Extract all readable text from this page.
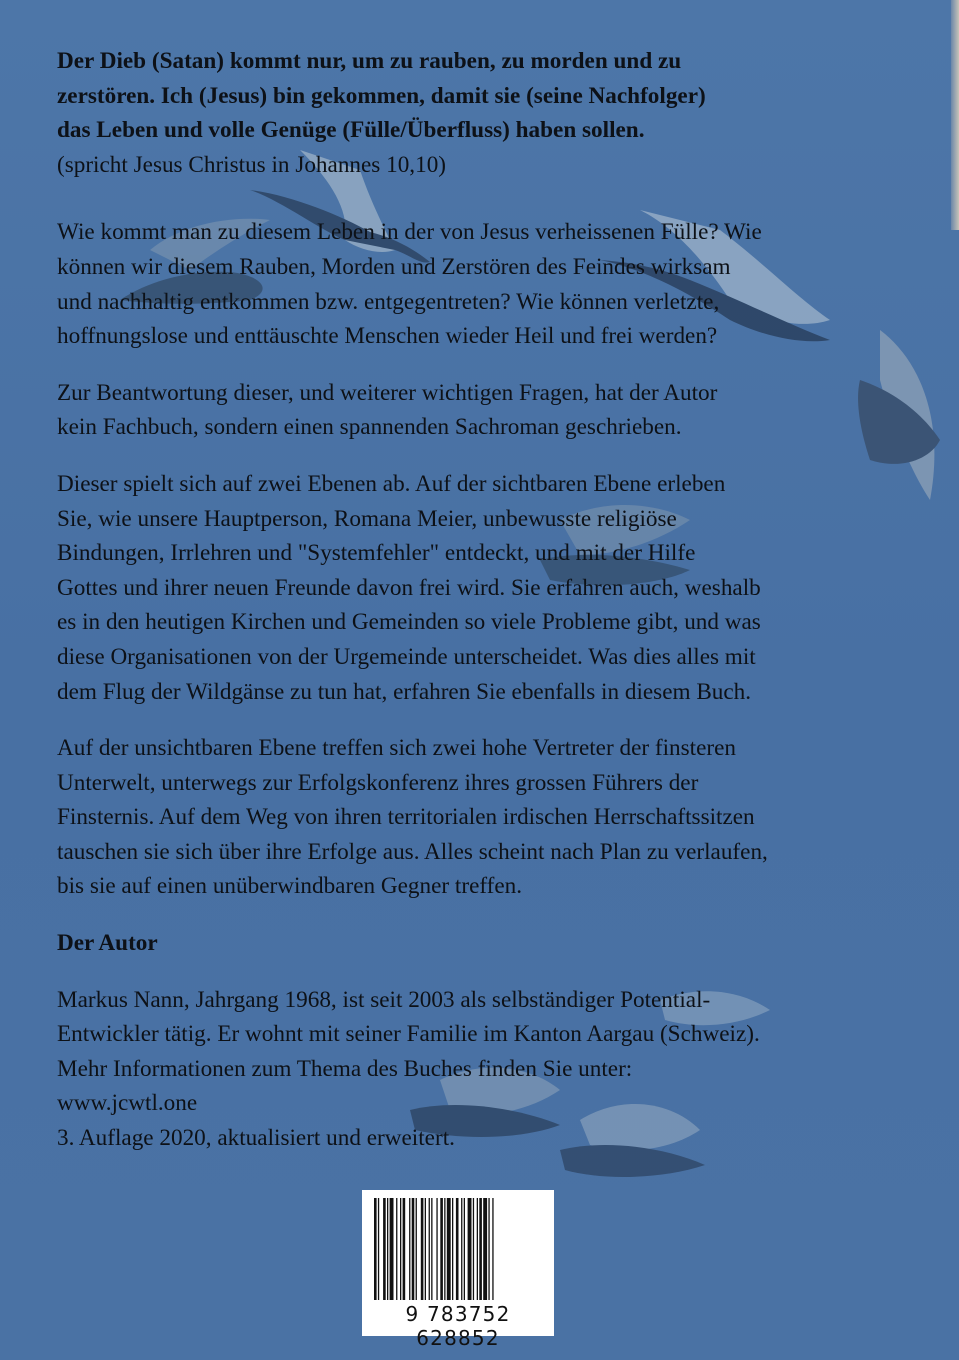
Der Dieb (Satan) kommt nur, um zu rauben, zu morden und zu
zerstören. Ich (Jesus) bin gekommen, damit sie (seine Nachfolger)
das Leben und volle Genüge (Fülle/Überfluss) haben sollen.

(spricht Jesus Christus in Johannes 10,10)

Wie kommt man zu diesem Leben in der von Jesus verheissenen Fülle? Wie
können wir diesem Rauben, Morden und Zerstören des Feindes wirksam
und nachhaltig entkommen bzw. entgegentreten? Wie können verletzte,
hoffnungslose und enttäuschte Menschen wieder Heil und frei werden?

Zur Beantwortung dieser, und weiterer wichtigen Fragen, hat der Autor
kein Fachbuch, sondern einen spannenden Sachroman geschrieben.

Dieser spielt sich auf zwei Ebenen ab. Auf der sichtbaren Ebene erleben
Sie, wie unsere Hauptperson, Romana Meier, unbewusste religiöse
Bindungen, Irrlehren und "Systemfehler" entdeckt, und mit der Hilfe
Gottes und ihrer neuen Freunde davon frei wird. Sie erfahren auch, weshalb
es in den heutigen Kirchen und Gemeinden so viele Probleme gibt, und was
diese Organisationen von der Urgemeinde unterscheidet. Was dies alles mit
dem Flug der Wildgänse zu tun hat, erfahren Sie ebenfalls in diesem Buch.

Auf der unsichtbaren Ebene treffen sich zwei hohe Vertreter der finsteren
Unterwelt, unterwegs zur Erfolgskonferenz ihres grossen Führers der
Finsternis. Auf dem Weg von ihren territorialen irdischen Herrschaftssitzen
tauschen sie sich über ihre Erfolge aus. Alles scheint nach Plan zu verlaufen,
bis sie auf einen unüberwindbaren Gegner treffen.

Der Autor

Markus Nann, Jahrgang 1968, ist seit 2003 als selbständiger Potential-
Entwickler tätig. Er wohnt mit seiner Familie im Kanton Aargau (Schweiz).
Mehr Informationen zum Thema des Buches finden Sie unter:
www.jcwtl.one
3. Auflage 2020, aktualisiert und erweitert.

9 783752 628852
